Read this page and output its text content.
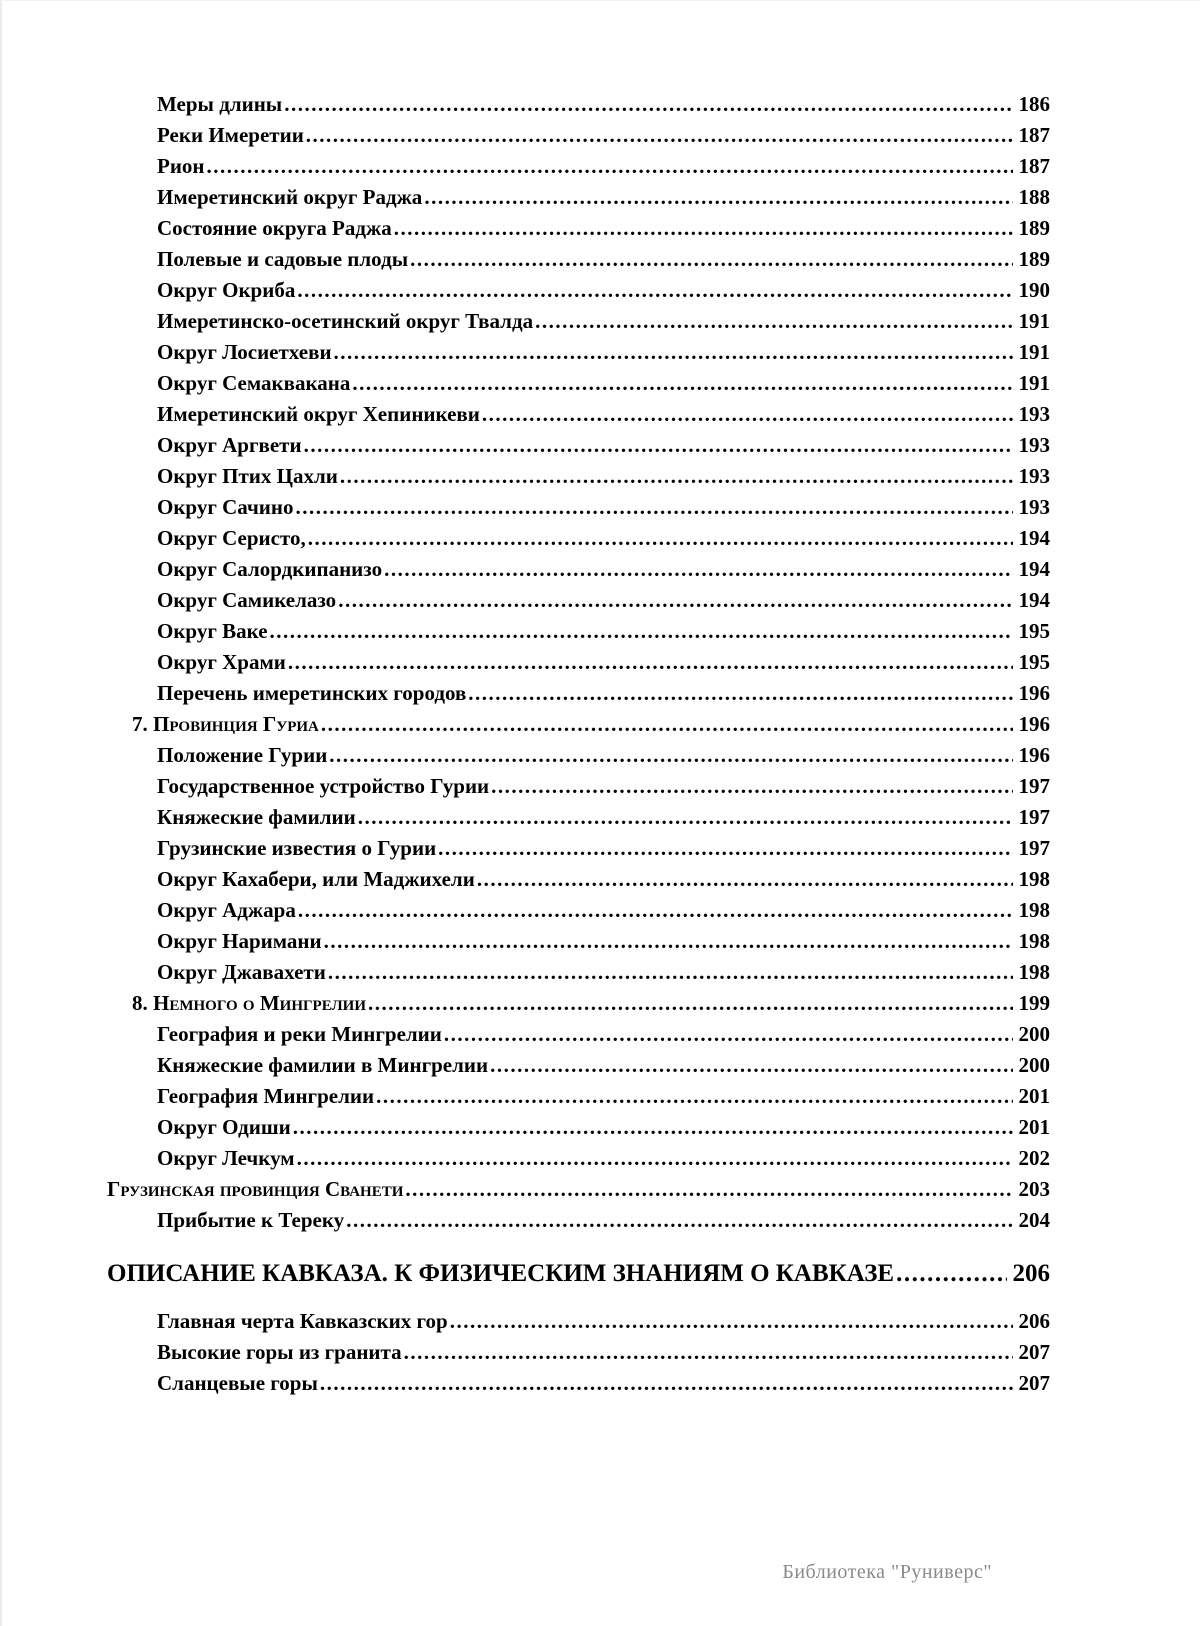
Меры длины .....	186
Реки Имеретии .....	187
Рион .....	187
Имеретинский округ Раджа .....	188
Состояние округа Раджа .....	189
Полевые и садовые плоды .....	189
Округ Окриба .....	190
Имеретинско-осетинский округ Твалда .....	191
Округ Лосиетхеви .....	191
Округ Семаквакана .....	191
Имеретинский округ Хепиникеви .....	193
Округ Аргвети .....	193
Округ Птих Цахли .....	193
Округ Сачино .....	193
Округ Серисто, .....	194
Округ Салордкипанизо .....	194
Округ Самикелазо .....	194
Округ Ваке .....	195
Округ Храми .....	195
Перечень имеретинских городов .....	196
7. Провинция Гуриа .....	196
Положение Гурии .....	196
Государственное устройство Гурии .....	197
Княжеские фамилии .....	197
Грузинские известия о Гурии .....	197
Округ Кахабери, или Маджихели .....	198
Округ Аджара .....	198
Округ Наримани .....	198
Округ Джавахети .....	198
8. Немного о Мингрелии .....	199
География и реки Мингрелии .....	200
Княжеские фамилии в Мингрелии .....	200
География Мингрелии .....	201
Округ Одиши .....	201
Округ Лечкум .....	202
Грузинская провинция Сванети .....	203
Прибытие к Тереку .....	204
ОПИСАНИЕ КАВКАЗА. К ФИЗИЧЕСКИМ ЗНАНИЯМ О КАВКАЗЕ .....	206
Главная черта Кавказских гор .....	206
Высокие горы из гранита .....	207
Сланцевые горы .....	207
Библиотека "Руниверс"
